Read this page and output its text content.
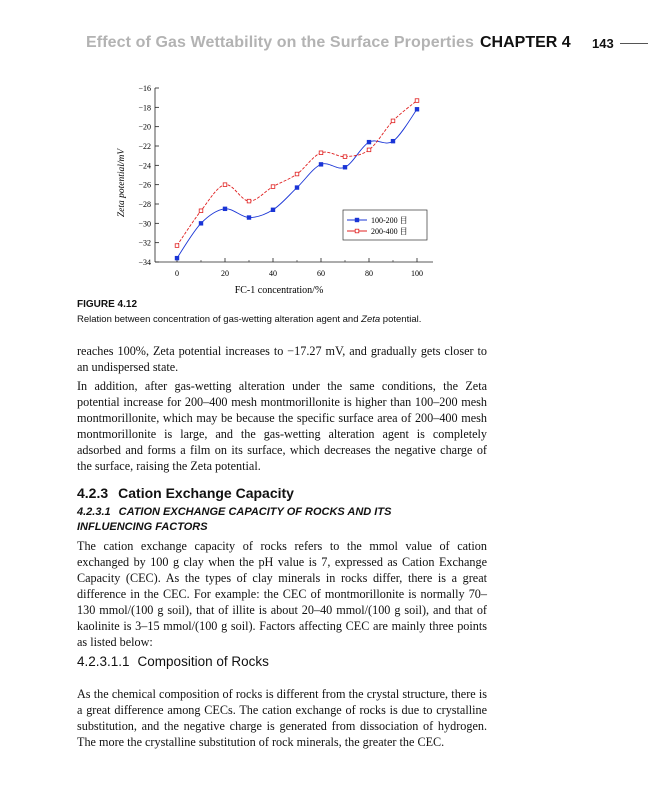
Effect of Gas Wettability on the Surface Properties CHAPTER 4 143
−16
−18
−20
−22
−24
−26
−28
−30
−32
−34
0	20	40	60	80	100
100-200 目
200-400 目
FC-1 concentration/%
Zeta potential/mV
FIGURE 4.12
Relation between concentration of gas-wetting alteration agent and Zeta potential.

reaches 100%, Zeta potential increases to −17.27 mV, and gradually gets closer to an undispersed state.

In addition, after gas-wetting alteration under the same conditions, the Zeta potential increase for 200–400 mesh montmorillonite is higher than 100–200 mesh montmorillonite, which may be because the specific surface area of 200–400 mesh montmorillonite is large, and the gas-wetting alteration agent is completely adsorbed and forms a film on its surface, which decreases the negative charge of the surface, raising the Zeta potential.

4.2.3 Cation Exchange Capacity
4.2.3.1 CATION EXCHANGE CAPACITY OF ROCKS AND ITS INFLUENCING FACTORS

The cation exchange capacity of rocks refers to the mmol value of cation exchanged by 100 g clay when the pH value is 7, expressed as Cation Exchange Capacity (CEC). As the types of clay minerals in rocks differ, there is a great difference in the CEC. For example: the CEC of montmorillonite is normally 70–130 mmol/(100 g soil), that of illite is about 20–40 mmol/(100 g soil), and that of kaolinite is 3–15 mmol/(100 g soil). Factors affecting CEC are mainly three points as listed below:

4.2.3.1.1 Composition of Rocks

As the chemical composition of rocks is different from the crystal structure, there is a great difference among CECs. The cation exchange of rocks is due to crystalline substitution, and the negative charge is generated from dissociation of hydrogen. The more the crystalline substitution of rock minerals, the greater the CEC.
